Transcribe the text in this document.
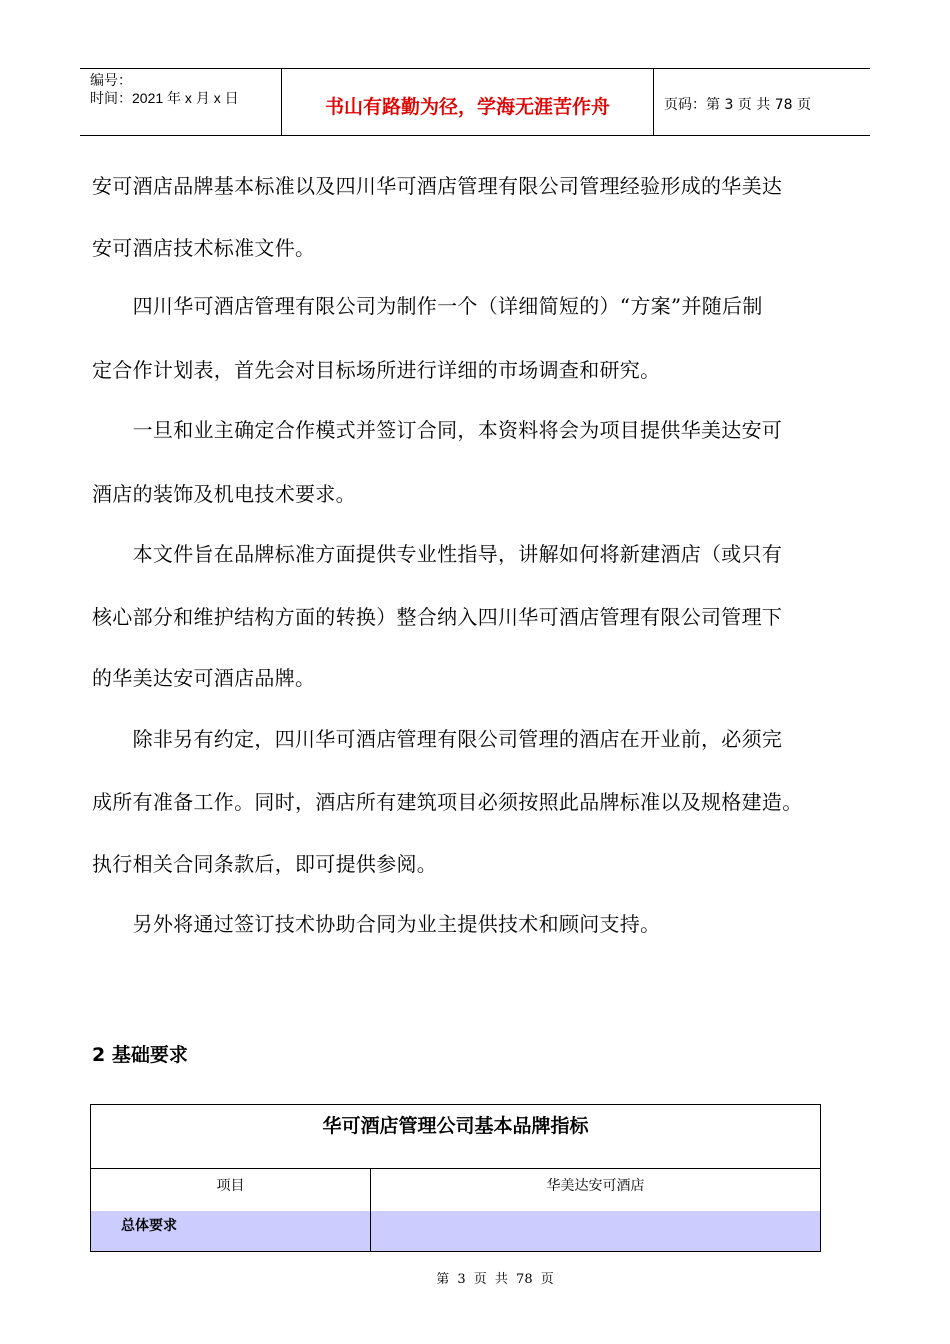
编号：
时间：2021 年 x 月 x 日	书山有路勤为径，学海无涯苦作舟	页码：第 3 页 共 78 页
安可酒店品牌基本标准以及四川华可酒店管理有限公司管理经验形成的华美达
安可酒店技术标准文件。
　　四川华可酒店管理有限公司为制作一个（详细简短的）“方案”并随后制
定合作计划表，首先会对目标场所进行详细的市场调查和研究。
　　一旦和业主确定合作模式并签订合同，本资料将会为项目提供华美达安可
酒店的装饰及机电技术要求。
　　本文件旨在品牌标准方面提供专业性指导，讲解如何将新建酒店（或只有
核心部分和维护结构方面的转换）整合纳入四川华可酒店管理有限公司管理下
的华美达安可酒店品牌。
　　除非另有约定，四川华可酒店管理有限公司管理的酒店在开业前，必须完
成所有准备工作。同时，酒店所有建筑项目必须按照此品牌标准以及规格建造。
执行相关合同条款后，即可提供参阅。
　　另外将通过签订技术协助合同为业主提供技术和顾问支持。
2 基础要求
华可酒店管理公司基本品牌指标
项目	华美达安可酒店
总体要求
第 3 页 共 78 页
